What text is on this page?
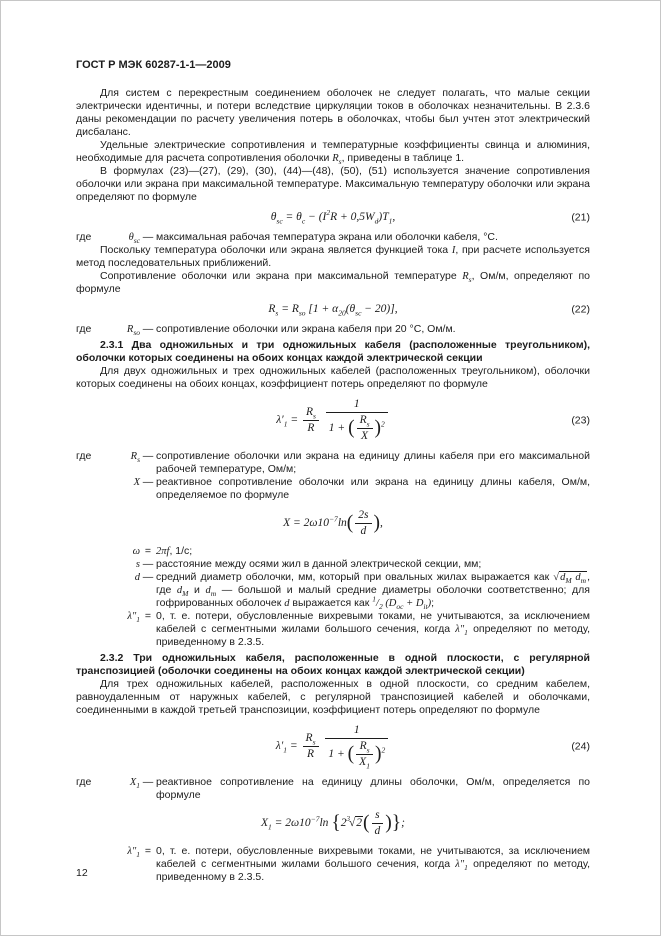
ГОСТ Р МЭК 60287-1-1—2009

Для систем с перекрестным соединением оболочек не следует полагать, что малые секции электрически идентичны, и потери вследствие циркуляции токов в оболочках незначительны. В 2.3.6 даны рекомендации по расчету увеличения потерь в оболочках, чтобы был учтен этот электрический дисбаланс.

Удельные электрические сопротивления и температурные коэффициенты свинца и алюминия, необходимые для расчета сопротивления оболочки $R_s$, приведены в таблице 1.

В формулах (23)—(27), (29), (30), (44)—(48), (50), (51) используется значение сопротивления оболочки или экрана при максимальной температуре. Максимальную температуру оболочки или экрана определяют по формуле

$\theta_{sc} = \theta_c - (I^2R + 0,5W_d)T_1$,	(21)
где	$\theta_{sc}$ — максимальная рабочая температура экрана или оболочки кабеля, °С.

Поскольку температура оболочки или экрана является функцией тока I, при расчете используется метод последовательных приближений.

Сопротивление оболочки или экрана при максимальной температуре $R_s$, Ом/м, определяют по формуле

$R_s = R_{so}$ $[1 + \alpha_{20}(\theta_{sc} - 20)]$,	(22)
где	$R_{so}$ — сопротивление оболочки или экрана кабеля при 20 °С, Ом/м.
2.3.1 Два одножильных и три одножильных кабеля (расположенные треугольником), оболочки которых соединены на обоих концах каждой электрической секции

Для двух одножильных и трех одножильных кабелей (расположенных треугольником), оболочки которых соединены на обоих концах, коэффициент потерь определяют по формуле

$\lambda'_1 = \frac{R_s}{R}$
$\frac{1}{1 + ( \frac{R_s}{X} )^2}$	(23)
где	$R_s$ — сопротивление оболочки или экрана на единицу длины кабеля при его максимальной рабочей температуре, Ом/м;
X — реактивное сопротивление оболочки или экрана на единицу длины кабеля, Ом/м, определяемое по формуле
$X = 2\omega 10^{-7}\ln( \frac{2s}{d}$ ),
ω = 2πf, 1/с;
s — расстояние между осями жил в данной электрической секции, мм;
d — средний диаметр оболочки, мм, который при овальных жилах выражается как $√d_M$ $d_m$, где $d_M$ и $d_m$ — большой и малый средние диаметры оболочки соответственно; для гофрированных оболочек d выражается как $^1/_2$ $(D_{oc} + D_{it})$;
$\lambda''_1 = 0$, т. е. потери, обусловленные вихревыми токами, не учитываются, за исключением кабелей с сегментными жилами большого сечения, когда $\lambda''_1$ определяют по методу, приведенному в 2.3.5.
2.3.2 Три одножильных кабеля, расположенные в одной плоскости, с регулярной транспозицией (оболочки соединены на обоих концах каждой электрической секции)

Для трех одножильных кабелей, расположенных в одной плоскости, со средним кабелем, равноудаленным от наружных кабелей, с регулярной транспозицией кабелей и оболочками, соединенными в каждой третьей транспозиции, коэффициент потерь определяют по формуле

$\lambda'_1 = \frac{R_s}{R}$
$\frac{1}{1 + ( \frac{R_s}{X_1} )^2}$	(24)
где	$X_1$ — реактивное сопротивление на единицу длины оболочки, Ом/м, определяется по формуле
$X_1 = 2\omega 10^{-7}\ln$ {$2^3√2( \frac{s}{d}$ )};
$\lambda''_1 = 0$, т. е. потери, обусловленные вихревыми токами, не учитываются, за исключением кабелей с сегментными жилами большого сечения, когда $\lambda''_1$ определяют по методу, приведенному в 2.3.5.
12
